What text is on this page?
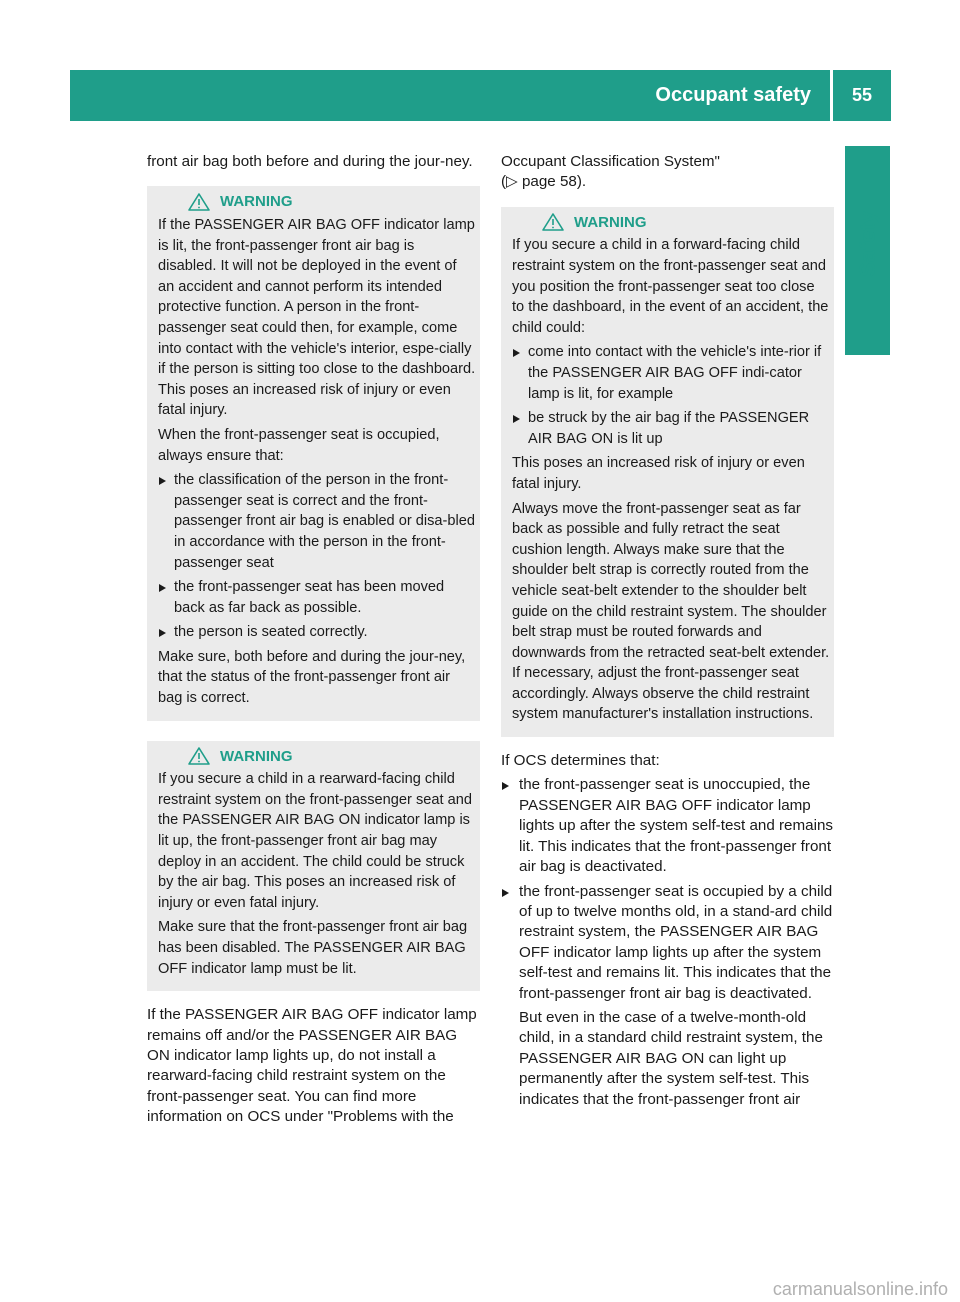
Occupant safety	55
Safety

front air bag both before and during the jour-ney.

WARNING

If the PASSENGER AIR BAG OFF indicator lamp is lit, the front-passenger front air bag is disabled. It will not be deployed in the event of an accident and cannot perform its intended protective function. A person in the front-passenger seat could then, for example, come into contact with the vehicle's interior, espe-cially if the person is sitting too close to the dashboard. This poses an increased risk of injury or even fatal injury.

When the front-passenger seat is occupied, always ensure that:

the classification of the person in the front-passenger seat is correct and the front-passenger front air bag is enabled or disa-bled in accordance with the person in the front-passenger seat
the front-passenger seat has been moved back as far back as possible.
the person is seated correctly.

Make sure, both before and during the jour-ney, that the status of the front-passenger front air bag is correct.

WARNING

If you secure a child in a rearward-facing child restraint system on the front-passenger seat and the PASSENGER AIR BAG ON indicator lamp is lit up, the front-passenger front air bag may deploy in an accident. The child could be struck by the air bag. This poses an increased risk of injury or even fatal injury.

Make sure that the front-passenger front air bag has been disabled. The PASSENGER AIR BAG OFF indicator lamp must be lit.

If the PASSENGER AIR BAG OFF indicator lamp remains off and/or the PASSENGER AIR BAG ON indicator lamp lights up, do not install a rearward-facing child restraint system on the front-passenger seat. You can find more information on OCS under "Problems with the

Occupant Classification System"

(▷ page 58).

WARNING

If you secure a child in a forward-facing child restraint system on the front-passenger seat and you position the front-passenger seat too close to the dashboard, in the event of an accident, the child could:

come into contact with the vehicle's inte-rior if the PASSENGER AIR BAG OFF indi-cator lamp is lit, for example
be struck by the air bag if the PASSENGER AIR BAG ON is lit up

This poses an increased risk of injury or even fatal injury.

Always move the front-passenger seat as far back as possible and fully retract the seat cushion length. Always make sure that the shoulder belt strap is correctly routed from the vehicle seat-belt extender to the shoulder belt guide on the child restraint system. The shoulder belt strap must be routed forwards and downwards from the retracted seat-belt extender. If necessary, adjust the front-passenger seat accordingly. Always observe the child restraint system manufacturer's installation instructions.

If OCS determines that:

the front-passenger seat is unoccupied, the PASSENGER AIR BAG OFF indicator lamp lights up after the system self-test and remains lit. This indicates that the front-passenger front air bag is deactivated.
the front-passenger seat is occupied by a child of up to twelve months old, in a stand-ard child restraint system, the PASSENGER AIR BAG OFF indicator lamp lights up after the system self-test and remains lit. This indicates that the front-passenger front air bag is deactivated.

But even in the case of a twelve-month-old child, in a standard child restraint system, the PASSENGER AIR BAG ON can light up permanently after the system self-test. This indicates that the front-passenger front air

carmanualsonline.info
